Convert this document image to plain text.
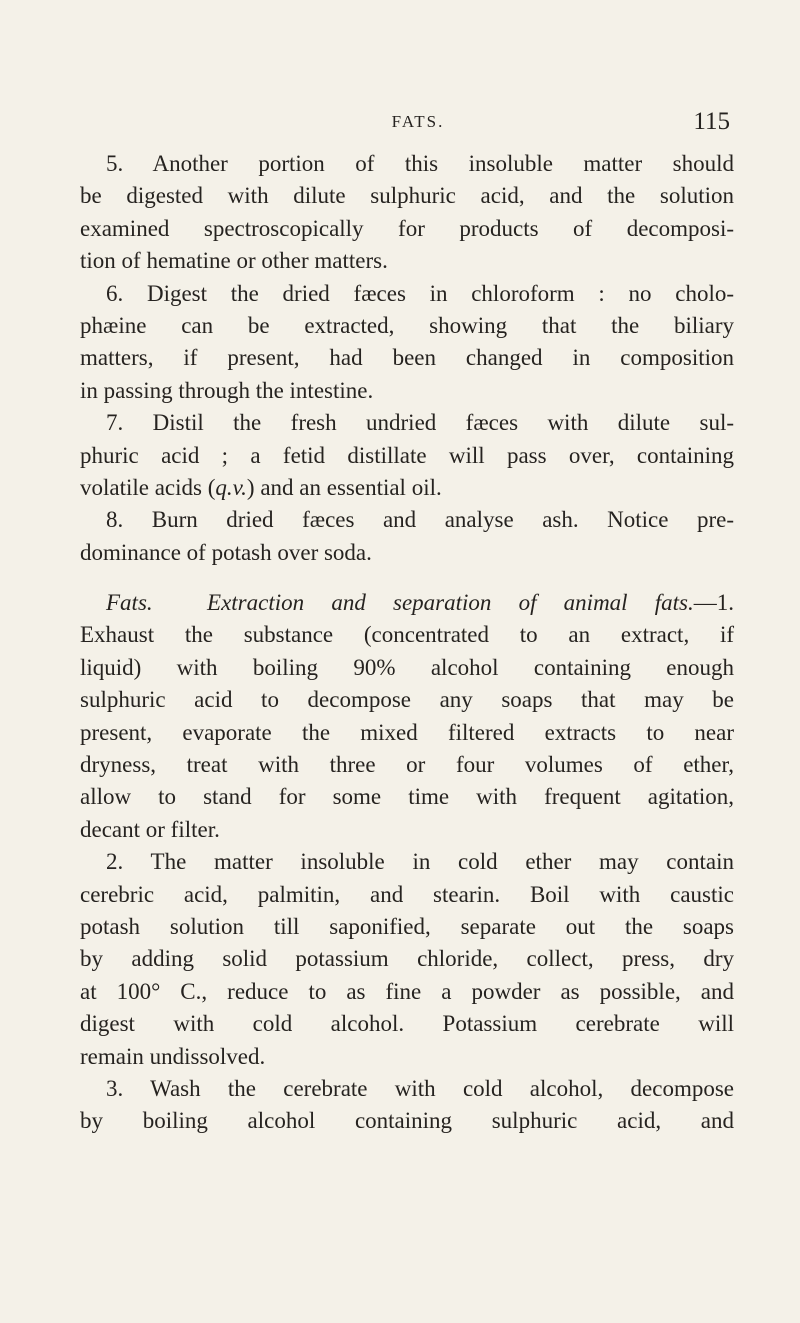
FATS.	115
5. Another portion of this insoluble matter should
be digested with dilute sulphuric acid, and the solution
examined spectroscopically for products of decomposi-
tion of hematine or other matters.
6. Digest the dried fæces in chloroform : no cholo-
phæine can be extracted, showing that the biliary
matters, if present, had been changed in composition
in passing through the intestine.
7. Distil the fresh undried fæces with dilute sul-
phuric acid ; a fetid distillate will pass over, containing
volatile acids (q.v.) and an essential oil.
8. Burn dried fæces and analyse ash. Notice pre-
dominance of potash over soda.
Fats. Extraction and separation of animal fats.—1.
Exhaust the substance (concentrated to an extract, if
liquid) with boiling 90% alcohol containing enough
sulphuric acid to decompose any soaps that may be
present, evaporate the mixed filtered extracts to near
dryness, treat with three or four volumes of ether,
allow to stand for some time with frequent agitation,
decant or filter.
2. The matter insoluble in cold ether may contain
cerebric acid, palmitin, and stearin. Boil with caustic
potash solution till saponified, separate out the soaps
by adding solid potassium chloride, collect, press, dry
at 100° C., reduce to as fine a powder as possible, and
digest with cold alcohol. Potassium cerebrate will
remain undissolved.
3. Wash the cerebrate with cold alcohol, decompose
by boiling alcohol containing sulphuric acid, and
